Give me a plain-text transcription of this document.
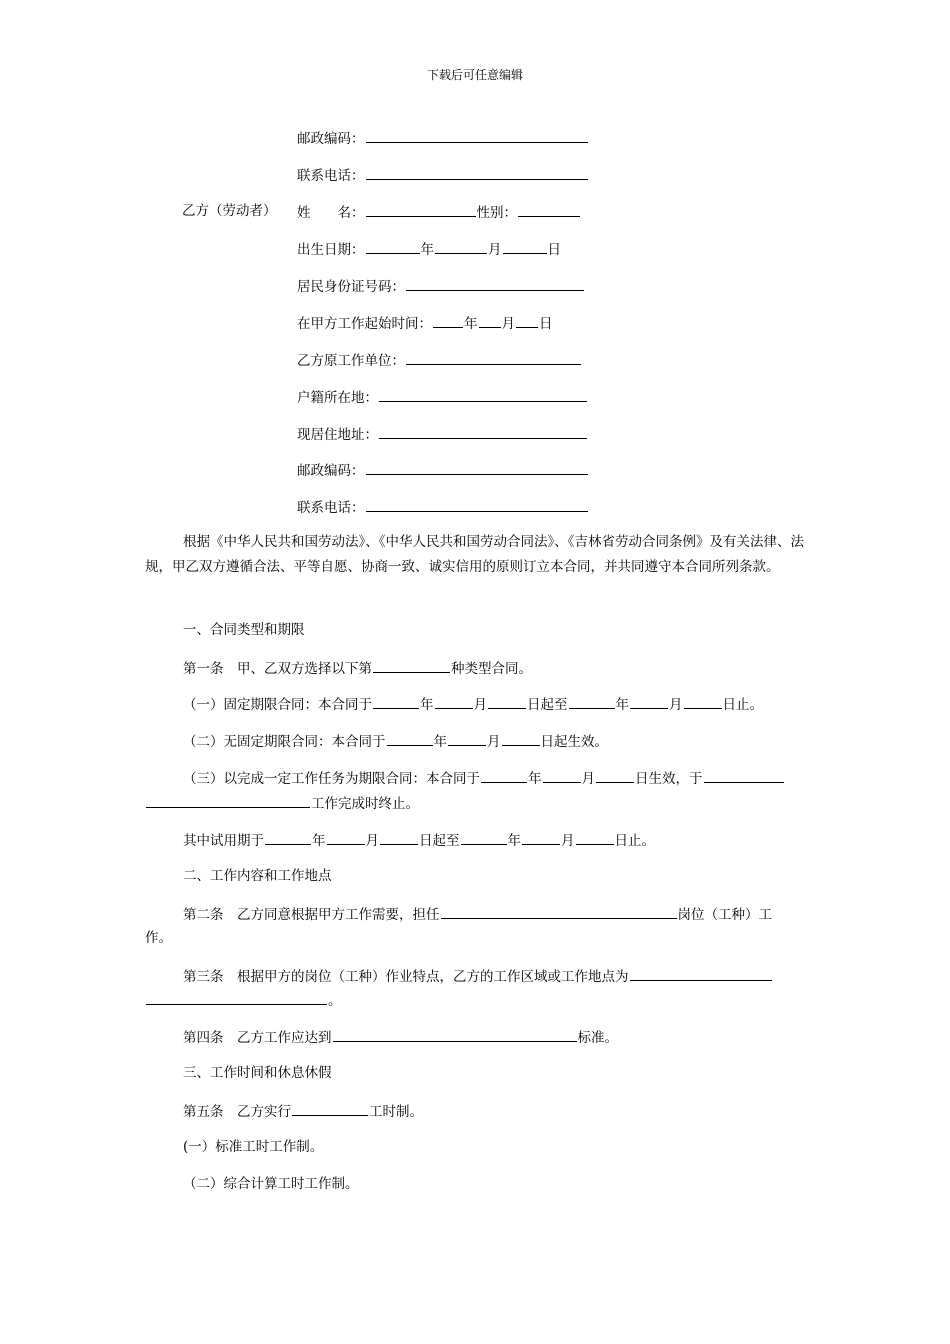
下载后可任意编辑
邮政编码：
联系电话：
乙方（劳动者） 姓　　名：	性别：
出生日期：	年	月	日
居民身份证号码：
在甲方工作起始时间： 年 月 日
乙方原工作单位：
户籍所在地：
现居住地址：
邮政编码：
联系电话：
根据《中华人民共和国劳动法》、《中华人民共和国劳动合同法》、《吉林省劳动合同条例》及有关法律、法规，甲乙双方遵循合法、平等自愿、协商一致、诚实信用的原则订立本合同，并共同遵守本合同所列条款。
一、合同类型和期限
第一条　甲、乙双方选择以下第	种类型合同。
（一）固定期限合同：本合同于	年	月	日起至	年	月	日止。
（二）无固定期限合同：本合同于	年	月	日起生效。
（三）以完成一定工作任务为期限合同：本合同于	年	月	日生效，于
工作完成时终止。
其中试用期于	年	月	日起至	年	月	日止。
二、工作内容和工作地点
第二条　乙方同意根据甲方工作需要，担任	岗位（工种）工
作。
第三条　根据甲方的岗位（工种）作业特点，乙方的工作区域或工作地点为
。
第四条　乙方工作应达到	标准。
三、工作时间和休息休假
第五条　乙方实行	工时制。
(一）标准工时工作制。
（二）综合计算工时工作制。
